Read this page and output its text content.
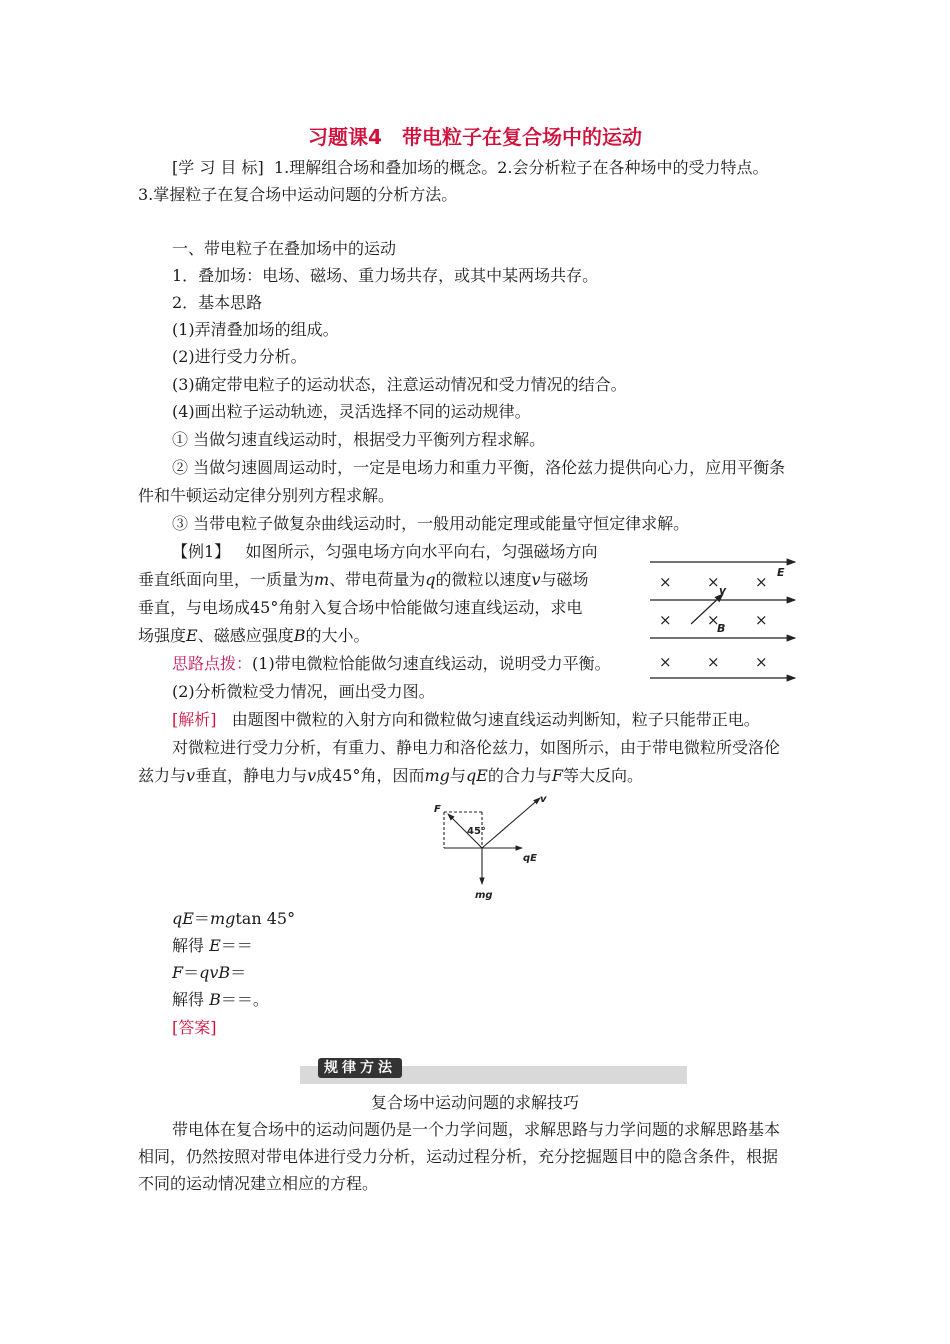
习题课4　带电粒子在复合场中的运动
[学 习 目 标] 1.理解组合场和叠加场的概念。2.会分析粒子在各种场中的受力特点。
3.掌握粒子在复合场中运动问题的分析方法。
一、带电粒子在叠加场中的运动
1．叠加场：电场、磁场、重力场共存，或其中某两场共存。
2．基本思路
(1)弄清叠加场的组成。
(2)进行受力分析。
(3)确定带电粒子的运动状态，注意运动情况和受力情况的结合。
(4)画出粒子运动轨迹，灵活选择不同的运动规律。
① 当做匀速直线运动时，根据受力平衡列方程求解。
② 当做匀速圆周运动时，一定是电场力和重力平衡，洛伦兹力提供向心力，应用平衡条
件和牛顿运动定律分别列方程求解。
③ 当带电粒子做复杂曲线运动时，一般用动能定理或能量守恒定律求解。
【例1】 如图所示，匀强电场方向水平向右，匀强磁场方向
垂直纸面向里，一质量为m、带电荷量为q的微粒以速度v与磁场
垂直，与电场成45°角射入复合场中恰能做匀速直线运动，求电
场强度E、磁感应强度B的大小。
思路点拨：(1)带电微粒恰能做匀速直线运动，说明受力平衡。
(2)分析微粒受力情况，画出受力图。
× × ×
× × ×
× × ×
E
v
B
[解析] 由题图中微粒的入射方向和微粒做匀速直线运动判断知，粒子只能带正电。
对微粒进行受力分析，有重力、静电力和洛伦兹力，如图所示，由于带电微粒所受洛伦
兹力与v垂直，静电力与v成45°角，因而mg与qE的合力与F等大反向。
F
v
45°
qE
mg
qE＝mgtan 45°
解得 E＝＝
F＝qvB＝
解得 B＝＝。
[答案]
规律方法
复合场中运动问题的求解技巧
带电体在复合场中的运动问题仍是一个力学问题，求解思路与力学问题的求解思路基本
相同，仍然按照对带电体进行受力分析，运动过程分析，充分挖掘题目中的隐含条件，根据
不同的运动情况建立相应的方程。
